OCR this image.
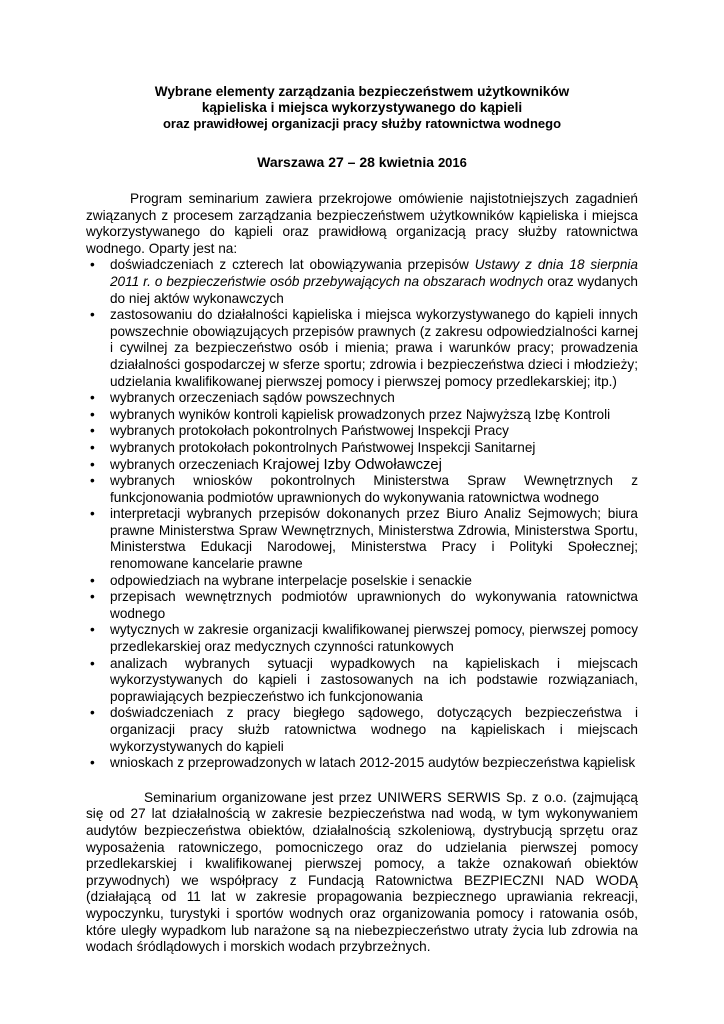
Wybrane elementy zarządzania bezpieczeństwem użytkowników
kąpieliska i miejsca wykorzystywanego do kąpieli
oraz prawidłowej organizacji pracy służby ratownictwa wodnego
Warszawa 27 – 28 kwietnia 2016

Program seminarium zawiera przekrojowe omówienie najistotniejszych zagadnień związanych z procesem zarządzania bezpieczeństwem użytkowników kąpieliska i miejsca wykorzystywanego do kąpieli oraz prawidłową organizacją pracy służby ratownictwa wodnego. Oparty jest na:

• doświadczeniach z czterech lat obowiązywania przepisów Ustawy z dnia 18 sierpnia 2011 r. o bezpieczeństwie osób przebywających na obszarach wodnych oraz wydanych do niej aktów wykonawczych
• zastosowaniu do działalności kąpieliska i miejsca wykorzystywanego do kąpieli innych powszechnie obowiązujących przepisów prawnych (z zakresu odpowiedzialności karnej i cywilnej za bezpieczeństwo osób i mienia; prawa i warunków pracy; prowadzenia działalności gospodarczej w sferze sportu; zdrowia i bezpieczeństwa dzieci i młodzieży; udzielania kwalifikowanej pierwszej pomocy i pierwszej pomocy przedlekarskiej; itp.)
• wybranych orzeczeniach sądów powszechnych
• wybranych wyników kontroli kąpielisk prowadzonych przez Najwyższą Izbę Kontroli
• wybranych protokołach pokontrolnych Państwowej Inspekcji Pracy
• wybranych protokołach pokontrolnych Państwowej Inspekcji Sanitarnej
• wybranych orzeczeniach Krajowej Izby Odwoławczej
• wybranych wniosków pokontrolnych Ministerstwa Spraw Wewnętrznych z funkcjonowania podmiotów uprawnionych do wykonywania ratownictwa wodnego
• interpretacji wybranych przepisów dokonanych przez Biuro Analiz Sejmowych; biura prawne Ministerstwa Spraw Wewnętrznych, Ministerstwa Zdrowia, Ministerstwa Sportu, Ministerstwa Edukacji Narodowej, Ministerstwa Pracy i Polityki Społecznej; renomowane kancelarie prawne
• odpowiedziach na wybrane interpelacje poselskie i senackie
• przepisach wewnętrznych podmiotów uprawnionych do wykonywania ratownictwa wodnego
• wytycznych w zakresie organizacji kwalifikowanej pierwszej pomocy, pierwszej pomocy przedlekarskiej oraz medycznych czynności ratunkowych
• analizach wybranych sytuacji wypadkowych na kąpieliskach i miejscach wykorzystywanych do kąpieli i zastosowanych na ich podstawie rozwiązaniach, poprawiających bezpieczeństwo ich funkcjonowania
• doświadczeniach z pracy biegłego sądowego, dotyczących bezpieczeństwa i organizacji pracy służb ratownictwa wodnego na kąpieliskach i miejscach wykorzystywanych do kąpieli
• wnioskach z przeprowadzonych w latach 2012-2015 audytów bezpieczeństwa kąpielisk

Seminarium organizowane jest przez UNIWERS SERWIS Sp. z o.o. (zajmującą się od 27 lat działalnością w zakresie bezpieczeństwa nad wodą, w tym wykonywaniem audytów bezpieczeństwa obiektów, działalnością szkoleniową, dystrybucją sprzętu oraz wyposażenia ratowniczego, pomocniczego oraz do udzielania pierwszej pomocy przedlekarskiej i kwalifikowanej pierwszej pomocy, a także oznakowań obiektów przywodnych) we współpracy z Fundacją Ratownictwa BEZPIECZNI NAD WODĄ (działającą od 11 lat w zakresie propagowania bezpiecznego uprawiania rekreacji, wypoczynku, turystyki i sportów wodnych oraz organizowania pomocy i ratowania osób, które uległy wypadkom lub narażone są na niebezpieczeństwo utraty życia lub zdrowia na wodach śródlądowych i morskich wodach przybrzeżnych.
